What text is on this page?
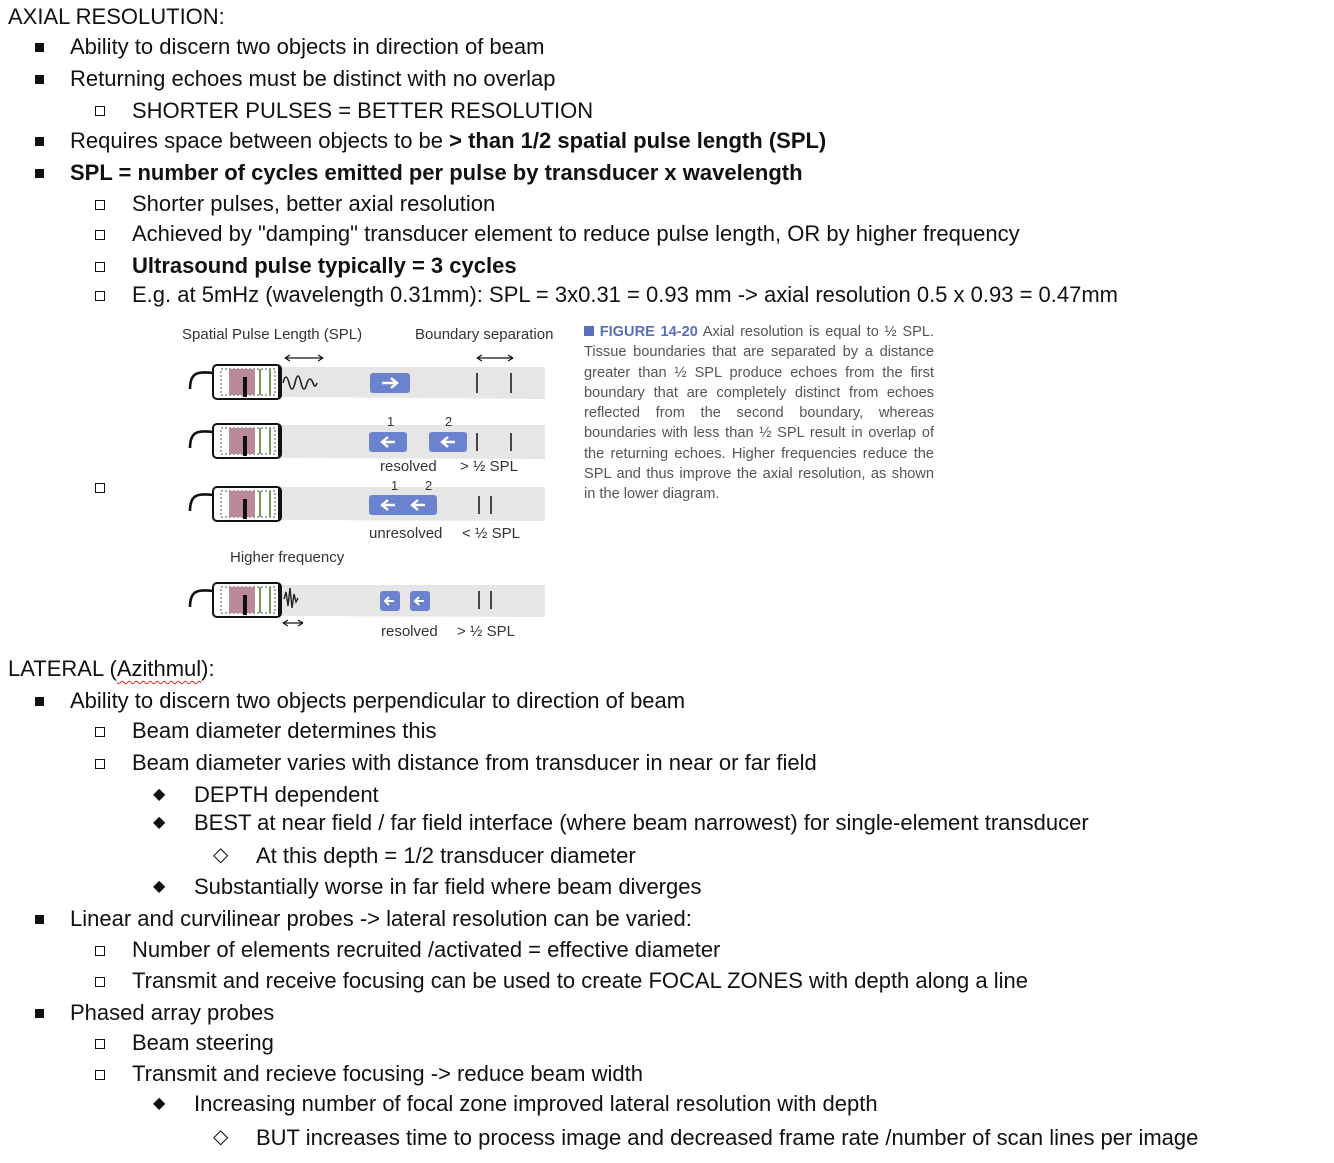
AXIAL RESOLUTION:
Ability to discern two objects in direction of beam
Returning echoes must be distinct with no overlap
SHORTER PULSES = BETTER RESOLUTION
Requires space between objects to be > than 1/2 spatial pulse length (SPL)
SPL = number of cycles emitted per pulse by transducer x wavelength
Shorter pulses, better axial resolution
Achieved by "damping" transducer element to reduce pulse length, OR by higher frequency
Ultrasound pulse typically = 3 cycles
E.g. at 5mHz (wavelength 0.31mm): SPL = 3x0.31 = 0.93 mm -> axial resolution 0.5 x 0.93 = 0.47mm
Spatial Pulse Length (SPL)	Boundary separation
1	2
resolved > ½ SPL
1 2
unresolved < ½ SPL
Higher frequency
resolved > ½ SPL
FIGURE 14-20 Axial resolution is equal to ½ SPL. Tissue boundaries that are separated by a distance greater than ½ SPL produce echoes from the first boundary that are completely distinct from echoes reflected from the second boundary, whereas boundaries with less than ½ SPL result in overlap of the returning echoes. Higher frequencies reduce the SPL and thus improve the axial resolution, as shown in the lower diagram.
LATERAL (Azithmul):
Ability to discern two objects perpendicular to direction of beam
Beam diameter determines this
Beam diameter varies with distance from transducer in near or far field
◆ DEPTH dependent
◆ BEST at near field / far field interface (where beam narrowest) for single-element transducer
◇ At this depth = 1/2 transducer diameter
◆ Substantially worse in far field where beam diverges
Linear and curvilinear probes -> lateral resolution can be varied:
Number of elements recruited /activated = effective diameter
Transmit and receive focusing can be used to create FOCAL ZONES with depth along a line
Phased array probes
Beam steering
Transmit and recieve focusing -> reduce beam width
◆ Increasing number of focal zone improved lateral resolution with depth
◇ BUT increases time to process image and decreased frame rate /number of scan lines per image
